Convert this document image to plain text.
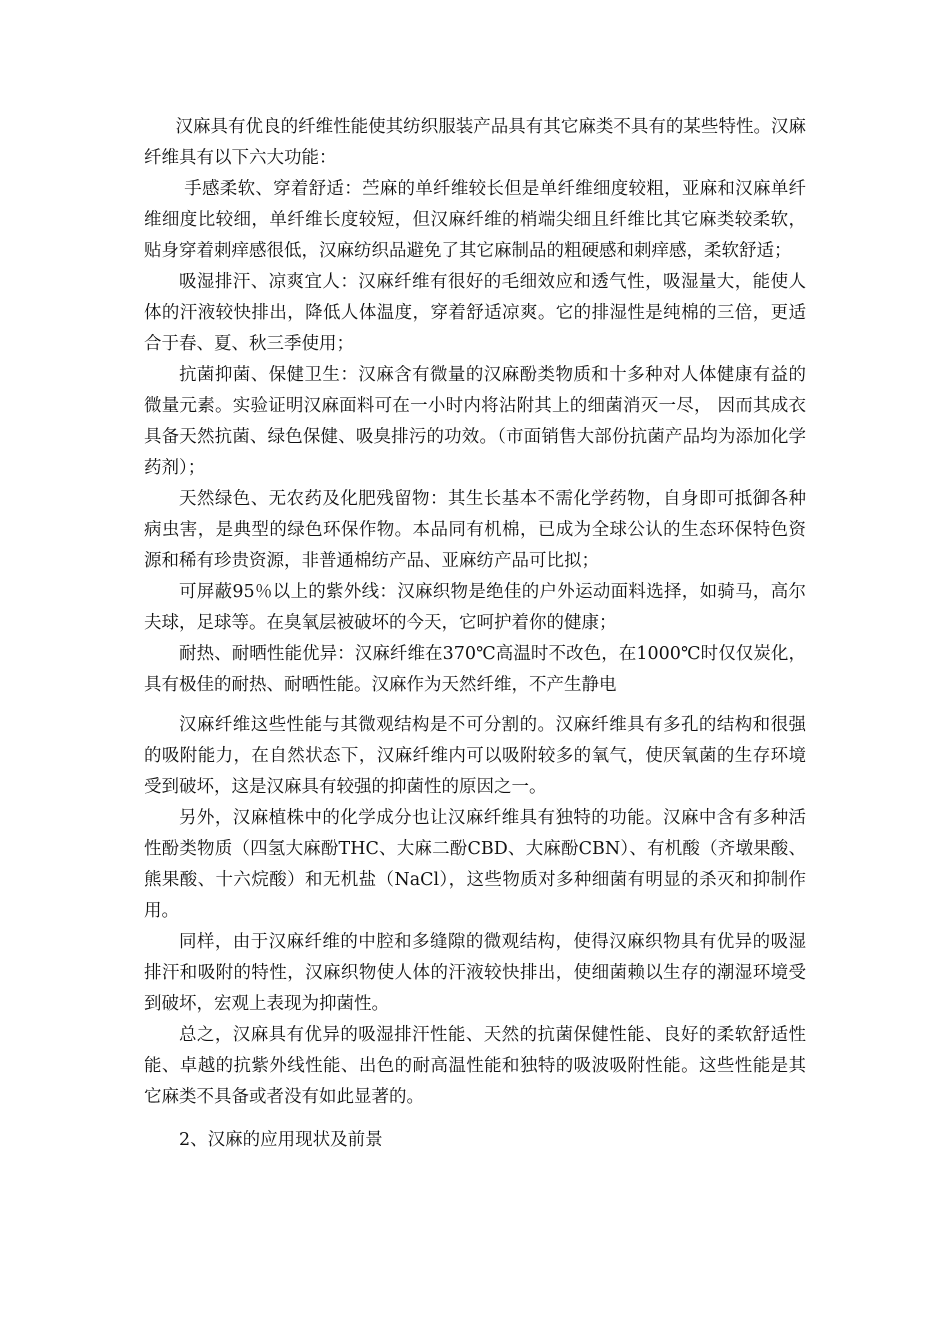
汉麻具有优良的纤维性能使其纺织服装产品具有其它麻类不具有的某些特性。汉麻纤维具有以下六大功能：

手感柔软、穿着舒适：苎麻的单纤维较长但是单纤维细度较粗，亚麻和汉麻单纤维细度比较细，单纤维长度较短，但汉麻纤维的梢端尖细且纤维比其它麻类较柔软，贴身穿着刺痒感很低，汉麻纺织品避免了其它麻制品的粗硬感和刺痒感，柔软舒适；

吸湿排汗、凉爽宜人：汉麻纤维有很好的毛细效应和透气性，吸湿量大，能使人体的汗液较快排出，降低人体温度，穿着舒适凉爽。它的排湿性是纯棉的三倍，更适合于春、夏、秋三季使用；

抗菌抑菌、保健卫生：汉麻含有微量的汉麻酚类物质和十多种对人体健康有益的微量元素。实验证明汉麻面料可在一小时内将沾附其上的细菌消灭一尽， 因而其成衣具备天然抗菌、绿色保健、吸臭排污的功效。（市面销售大部份抗菌产品均为添加化学药剂）；

天然绿色、无农药及化肥残留物：其生长基本不需化学药物，自身即可抵御各种病虫害，是典型的绿色环保作物。本品同有机棉，已成为全球公认的生态环保特色资源和稀有珍贵资源，非普通棉纺产品、亚麻纺产品可比拟；

可屏蔽95％以上的紫外线：汉麻织物是绝佳的户外运动面料选择，如骑马，高尔夫球，足球等。在臭氧层被破坏的今天，它呵护着你的健康；

耐热、耐晒性能优异：汉麻纤维在370℃高温时不改色，在1000℃时仅仅炭化，具有极佳的耐热、耐晒性能。汉麻作为天然纤维，不产生静电

汉麻纤维这些性能与其微观结构是不可分割的。汉麻纤维具有多孔的结构和很强的吸附能力，在自然状态下，汉麻纤维内可以吸附较多的氧气，使厌氧菌的生存环境受到破坏，这是汉麻具有较强的抑菌性的原因之一。

另外，汉麻植株中的化学成分也让汉麻纤维具有独特的功能。汉麻中含有多种活性酚类物质（四氢大麻酚THC、大麻二酚CBD、大麻酚CBN）、有机酸（齐墩果酸、熊果酸、十六烷酸）和无机盐（NaCl），这些物质对多种细菌有明显的杀灭和抑制作用。

同样，由于汉麻纤维的中腔和多缝隙的微观结构，使得汉麻织物具有优异的吸湿排汗和吸附的特性，汉麻织物使人体的汗液较快排出，使细菌赖以生存的潮湿环境受到破坏，宏观上表现为抑菌性。

总之，汉麻具有优异的吸湿排汗性能、天然的抗菌保健性能、良好的柔软舒适性能、卓越的抗紫外线性能、出色的耐高温性能和独特的吸波吸附性能。这些性能是其它麻类不具备或者没有如此显著的。

2、汉麻的应用现状及前景
